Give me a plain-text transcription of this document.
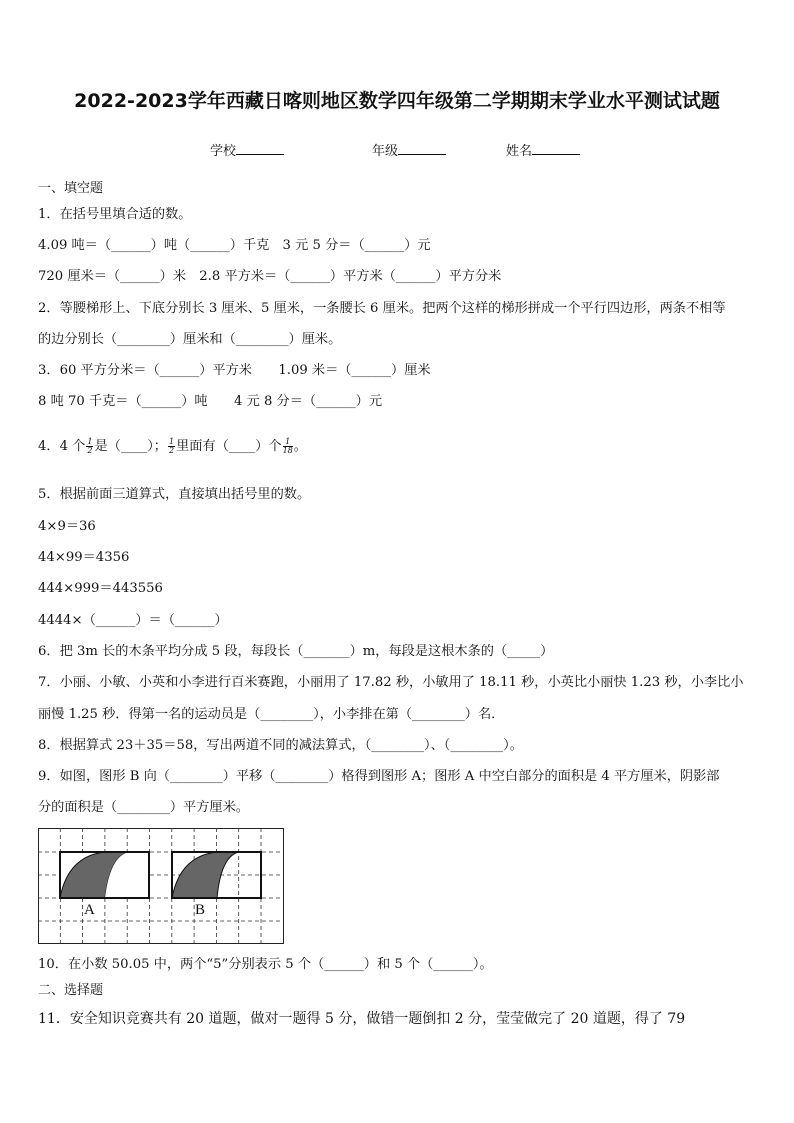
2022-2023学年西藏日喀则地区数学四年级第二学期期末学业水平测试试题
学校	年级	姓名
一、填空题
1．在括号里填合适的数。
4.09 吨＝（______）吨（______）千克　3 元 5 分＝（______）元
720 厘米＝（______）米　2.8 平方米＝（______）平方米（______）平方分米
2．等腰梯形上、下底分别长 3 厘米、5 厘米，一条腰长 6 厘米。把两个这样的梯形拼成一个平行四边形，两条不相等
的边分别长（________）厘米和（________）厘米。
3．60 平方分米＝（______）平方米　　1.09 米＝（______）厘米
8 吨 70 千克＝（______）吨　　4 元 8 分＝（______）元
4．4 个 $\frac{1}{2}$ 是（____）； $\frac{1}{2}$ 里面有（____）个 $\frac{1}{18}$ 。
5．根据前面三道算式，直接填出括号里的数。
4×9＝36
44×99＝4356
444×999＝443556
4444×（______）＝（______）
6．把 3m 长的木条平均分成 5 段，每段长（_______）m，每段是这根木条的（_____）
7．小丽、小敏、小英和小李进行百米赛跑，小丽用了 17.82 秒，小敏用了 18.11 秒，小英比小丽快 1.23 秒，小李比小
丽慢 1.25 秒．得第一名的运动员是（________），小李排在第（________）名．
8．根据算式 23＋35＝58，写出两道不同的减法算式，（________）、（________）。
9．如图，图形 B 向（________）平移（________）格得到图形 A；图形 A 中空白部分的面积是 4 平方厘米，阴影部
分的面积是（________）平方厘米。
A	B
10．在小数 50.05 中，两个“5”分别表示 5 个（______）和 5 个（______）。
二、选择题
11．安全知识竞赛共有 20 道题，做对一题得 5 分，做错一题倒扣 2 分，莹莹做完了 20 道题，得了 79
